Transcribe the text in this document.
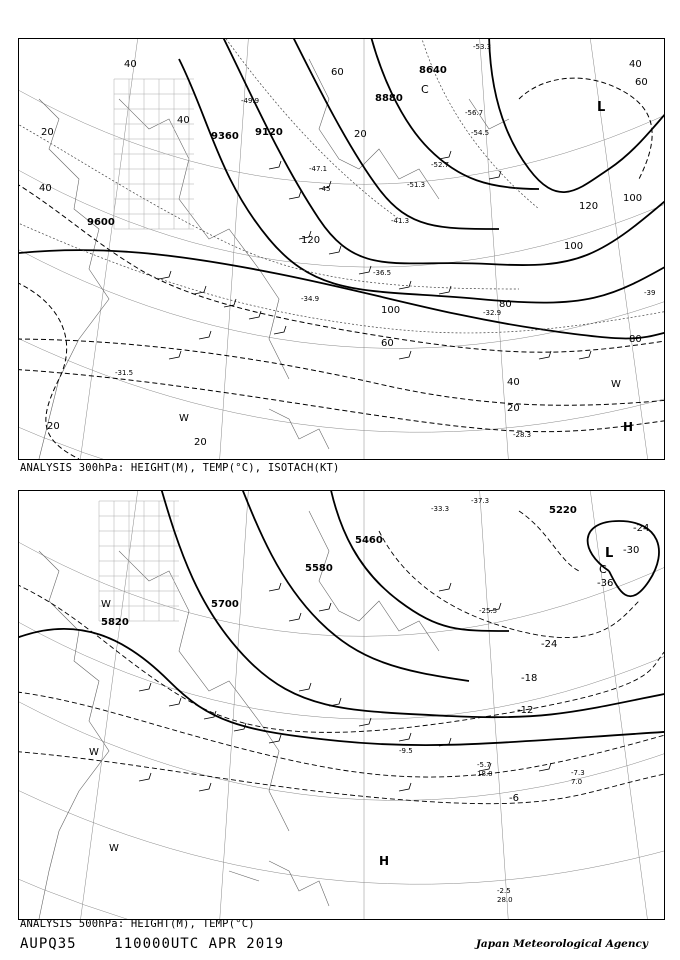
9600
9360 9120
8880
8640
20
40
40
20
60
80
100
120
120
100
100
80
60
40
20
20
20
40
60
40
-28.3
-31.5
-32.9
-34.9
-36.5
-39
-41.3
-45
-47.1
-49.9
-51.3
-52.7
-53.3
-54.5
-56.7	L
C
H
W
W
ANALYSIS 300hPa: HEIGHT(M), TEMP(°C), ISOTACH(KT)
5820
5700
5580
5460
5220
-30
-36
-24
-24
-18
-12
-6
-5.7
18.0	-7.3
7.0
-2.5
28.0
-9.5
-25.5
-33.3
-37.3
L
C
H
W
W
W
ANALYSIS 500hPa: HEIGHT(M), TEMP(°C)
AUPQ35	110000UTC APR 2019	Japan Meteorological Agency
